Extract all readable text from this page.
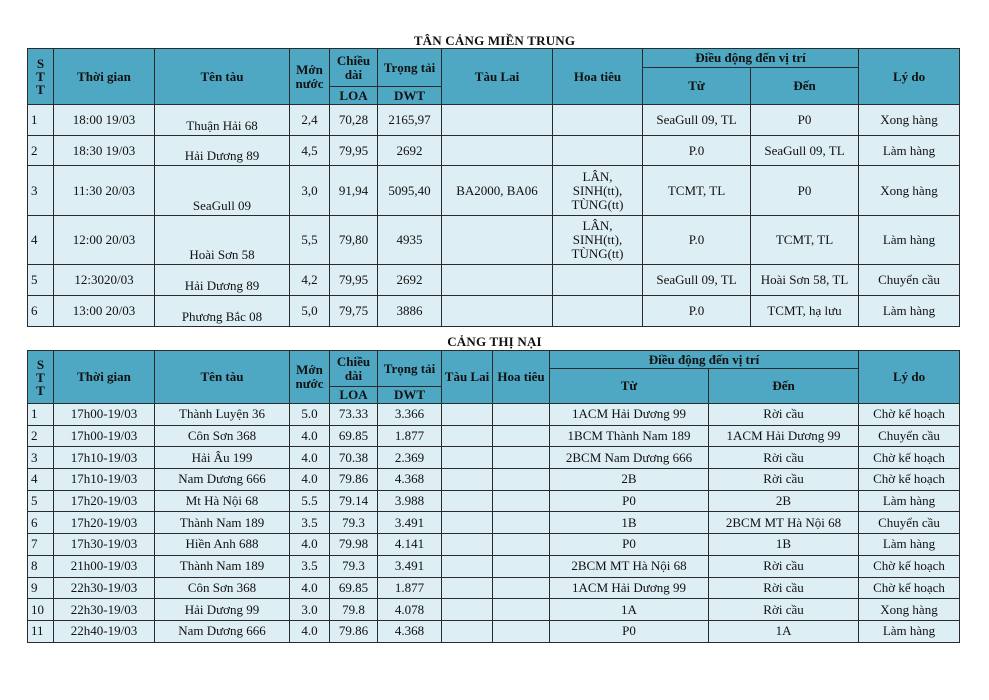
TÂN CẢNG MIỀN TRUNG
S
T
T	Thời gian	Tên tàu	Mớn nước	Chiều dài	Trọng tải	Tàu Lai	Hoa tiêu	Điều động đến vị trí		Lý do
								Từ	Đến	
				LOA	DWT					
1	18:00 19/03	Thuận Hải 68	2,4	70,28	2165,97			SeaGull 09, TL	P0	Xong hàng
2	18:30 19/03	Hải Dương 89	4,5	79,95	2692			P.0	SeaGull 09, TL	Làm hàng
3	11:30 20/03	SeaGull 09	3,0	91,94	5095,40	BA2000, BA06	LÂN,
SINH(tt),
TÙNG(tt)	TCMT, TL	P0	Xong hàng
4	12:00 20/03	Hoài Sơn 58	5,5	79,80	4935		LÂN,
SINH(tt),
TÙNG(tt)	P.0	TCMT, TL	Làm hàng
5	12:3020/03	Hải Dương 89	4,2	79,95	2692			SeaGull 09, TL	Hoài Sơn 58, TL	Chuyển cầu
6	13:00 20/03	Phương Bắc 08	5,0	79,75	3886			P.0	TCMT, hạ lưu	Làm hàng
CẢNG THỊ NẠI
S
T
T	Thời gian	Tên tàu	Mớn nước	Chiều dài	Trọng tải	Tàu Lai	Hoa tiêu	Điều động đến vị trí		Lý do
								Từ	Đến	
				LOA	DWT					
1	17h00-19/03	Thành Luyện 36	5.0	73.33	3.366			1ACM Hải Dương 99	Rời cầu	Chờ kế hoạch
2	17h00-19/03	Côn Sơn 368	4.0	69.85	1.877			1BCM Thành Nam 189	1ACM Hải Dương 99	Chuyển cầu
3	17h10-19/03	Hải Âu 199	4.0	70.38	2.369			2BCM Nam Dương 666	Rời cầu	Chờ kế hoạch
4	17h10-19/03	Nam Dương 666	4.0	79.86	4.368			2B	Rời cầu	Chờ kế hoạch
5	17h20-19/03	Mt Hà Nội 68	5.5	79.14	3.988			P0	2B	Làm hàng
6	17h20-19/03	Thành Nam 189	3.5	79.3	3.491			1B	2BCM MT Hà Nội 68	Chuyển cầu
7	17h30-19/03	Hiền Anh 688	4.0	79.98	4.141			P0	1B	Làm hàng
8	21h00-19/03	Thành Nam 189	3.5	79.3	3.491			2BCM MT Hà Nội 68	Rời cầu	Chờ kế hoạch
9	22h30-19/03	Côn Sơn 368	4.0	69.85	1.877			1ACM Hải Dương 99	Rời cầu	Chờ kế hoạch
10	22h30-19/03	Hải Dương 99	3.0	79.8	4.078			1A	Rời cầu	Xong hàng
11	22h40-19/03	Nam Dương 666	4.0	79.86	4.368			P0	1A	Làm hàng
